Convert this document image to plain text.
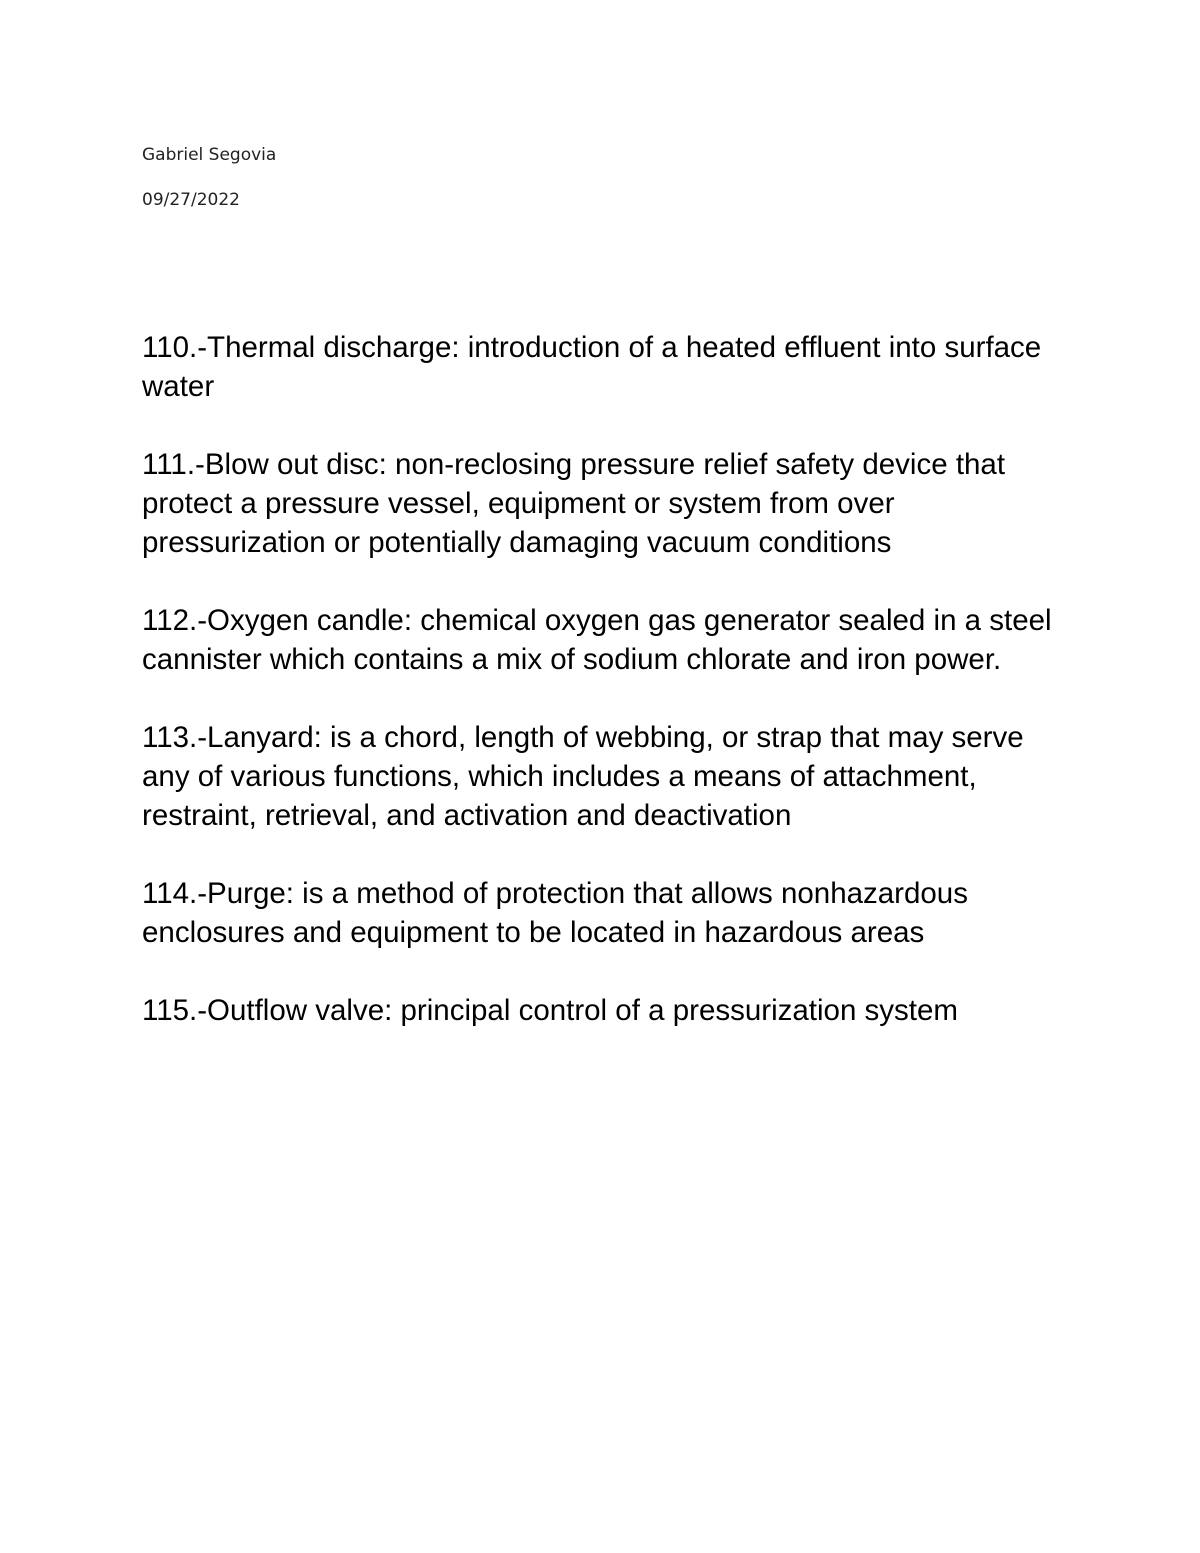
Gabriel Segovia
09/27/2022

110.-Thermal discharge: introduction of a heated effluent into surface water

111.-Blow out disc: non-reclosing pressure relief safety device that protect a pressure vessel, equipment or system from over pressurization or potentially damaging vacuum conditions

112.-Oxygen candle: chemical oxygen gas generator sealed in a steel cannister which contains a mix of sodium chlorate and iron power.

113.-Lanyard: is a chord, length of webbing, or strap that may serve any of various functions, which includes a means of attachment, restraint, retrieval, and activation and deactivation

114.-Purge: is a method of protection that allows nonhazardous enclosures and equipment to be located in hazardous areas

115.-Outflow valve: principal control of a pressurization system
